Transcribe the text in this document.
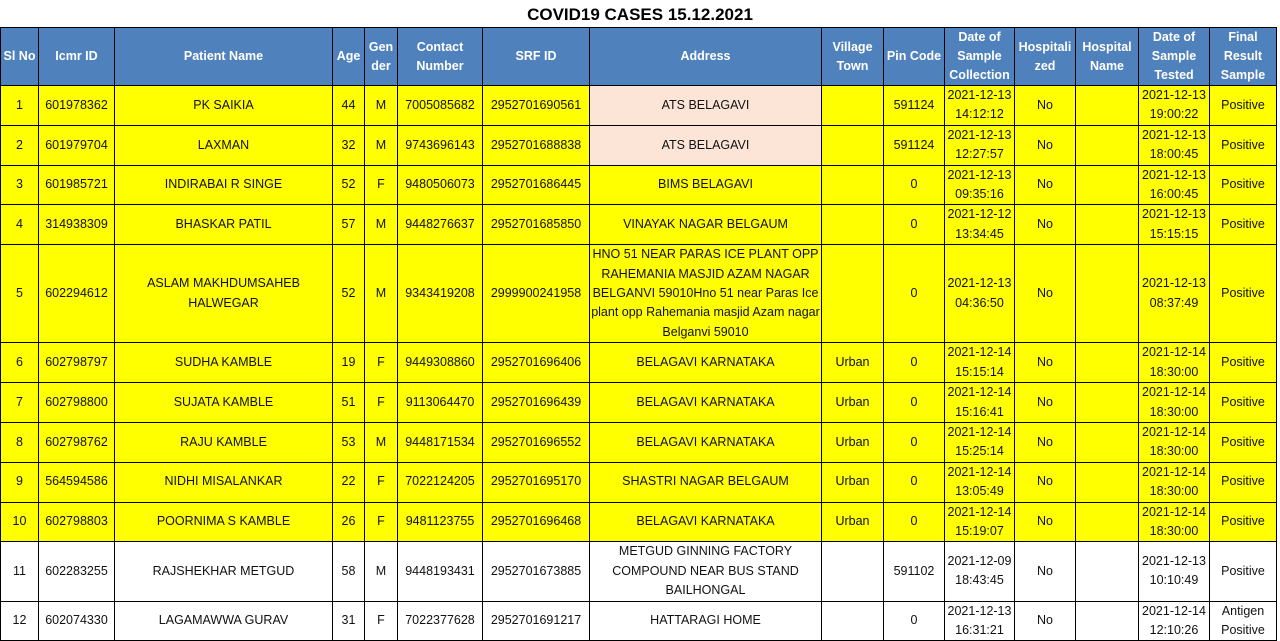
COVID19 CASES 15.12.2021
Sl No	Icmr ID	Patient Name	Age	Gen der	Contact Number	SRF ID	Address	Village Town	Pin Code	Date of Sample Collection	Hospitali zed	Hospital Name	Date of Sample Tested	Final Result Sample
1	601978362	PK SAIKIA	44	M	7005085682	2952701690561	ATS BELAGAVI		591124	2021-12-13 14:12:12	No		2021-12-13 19:00:22	Positive
2	601979704	LAXMAN	32	M	9743696143	2952701688838	ATS BELAGAVI		591124	2021-12-13 12:27:57	No		2021-12-13 18:00:45	Positive
3	601985721	INDIRABAI R SINGE	52	F	9480506073	2952701686445	BIMS BELAGAVI		0	2021-12-13 09:35:16	No		2021-12-13 16:00:45	Positive
4	314938309	BHASKAR PATIL	57	M	9448276637	2952701685850	VINAYAK NAGAR BELGAUM		0	2021-12-12 13:34:45	No		2021-12-13 15:15:15	Positive
5	602294612	ASLAM MAKHDUMSAHEB HALWEGAR	52	M	9343419208	2999900241958	HNO 51 NEAR PARAS ICE PLANT OPP RAHEMANIA MASJID AZAM NAGAR BELGANVI 59010Hno 51 near Paras Ice plant opp Rahemania masjid Azam nagar Belganvi 59010		0	2021-12-13 04:36:50	No		2021-12-13 08:37:49	Positive
6	602798797	SUDHA KAMBLE	19	F	9449308860	2952701696406	BELAGAVI KARNATAKA	Urban	0	2021-12-14 15:15:14	No		2021-12-14 18:30:00	Positive
7	602798800	SUJATA KAMBLE	51	F	9113064470	2952701696439	BELAGAVI KARNATAKA	Urban	0	2021-12-14 15:16:41	No		2021-12-14 18:30:00	Positive
8	602798762	RAJU KAMBLE	53	M	9448171534	2952701696552	BELAGAVI KARNATAKA	Urban	0	2021-12-14 15:25:14	No		2021-12-14 18:30:00	Positive
9	564594586	NIDHI MISALANKAR	22	F	7022124205	2952701695170	SHASTRI NAGAR BELGAUM	Urban	0	2021-12-14 13:05:49	No		2021-12-14 18:30:00	Positive
10	602798803	POORNIMA S KAMBLE	26	F	9481123755	2952701696468	BELAGAVI KARNATAKA	Urban	0	2021-12-14 15:19:07	No		2021-12-14 18:30:00	Positive
11	602283255	RAJSHEKHAR METGUD	58	M	9448193431	2952701673885	METGUD GINNING FACTORY COMPOUND NEAR BUS STAND BAILHONGAL		591102	2021-12-09 18:43:45	No		2021-12-13 10:10:49	Positive
12	602074330	LAGAMAWWA GURAV	31	F	7022377628	2952701691217	HATTARAGI HOME		0	2021-12-13 16:31:21	No		2021-12-14 12:10:26	Antigen Positive
